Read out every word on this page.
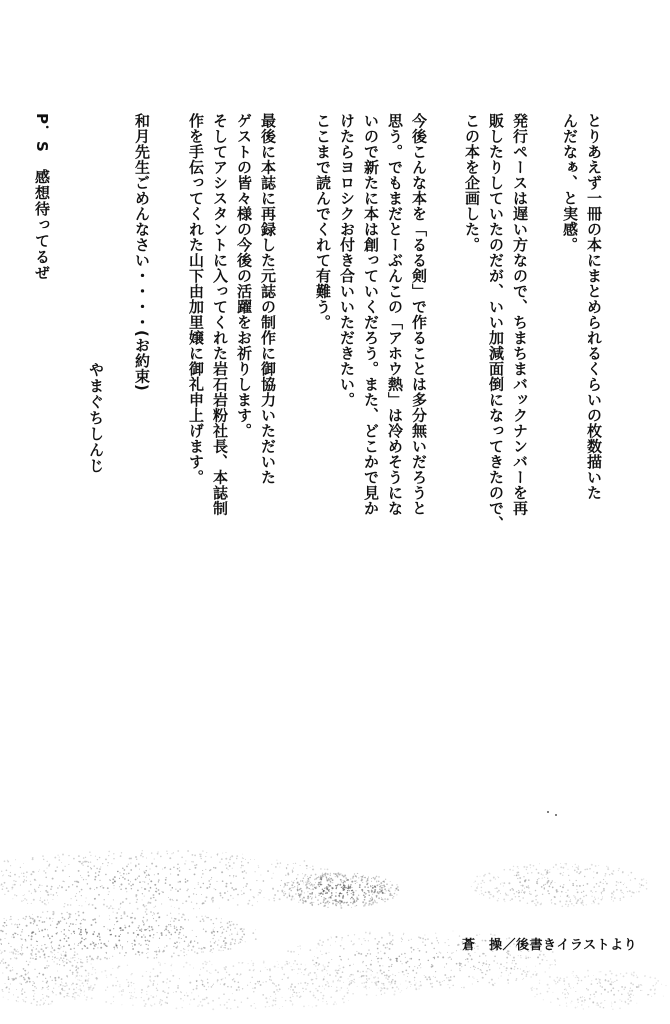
とりあえず一冊の本にまとめられるくらいの枚数描いた
んだなぁ、と実感。
発行ペースは遅い方なので、ちまちまバックナンバーを再
販したりしていたのだが、いい加減面倒になってきたので、
この本を企画した。
今後こんな本を「るる剣」で作ることは多分無いだろうと
思う。でもまだとーぶんこの「アホウ熱」は冷めそうにな
いので新たに本は創っていくだろう。また、どこかで見か
けたらヨロシクお付き合いいただきたい。
ここまで読んでくれて有難う。
最後に本誌に再録した元誌の制作に御協力いただいた
ゲストの皆々様の今後の活躍をお祈りします。
そしてアシスタントに入ってくれた岩石岩粉社長、本誌制
作を手伝ってくれた山下由加里嬢に御礼申上げます。
和月先生ごめんなさい・・・・(お約束)
やまぐちしんじ
P．S　感想待ってるぜ
蒼　操／後書きイラストより
